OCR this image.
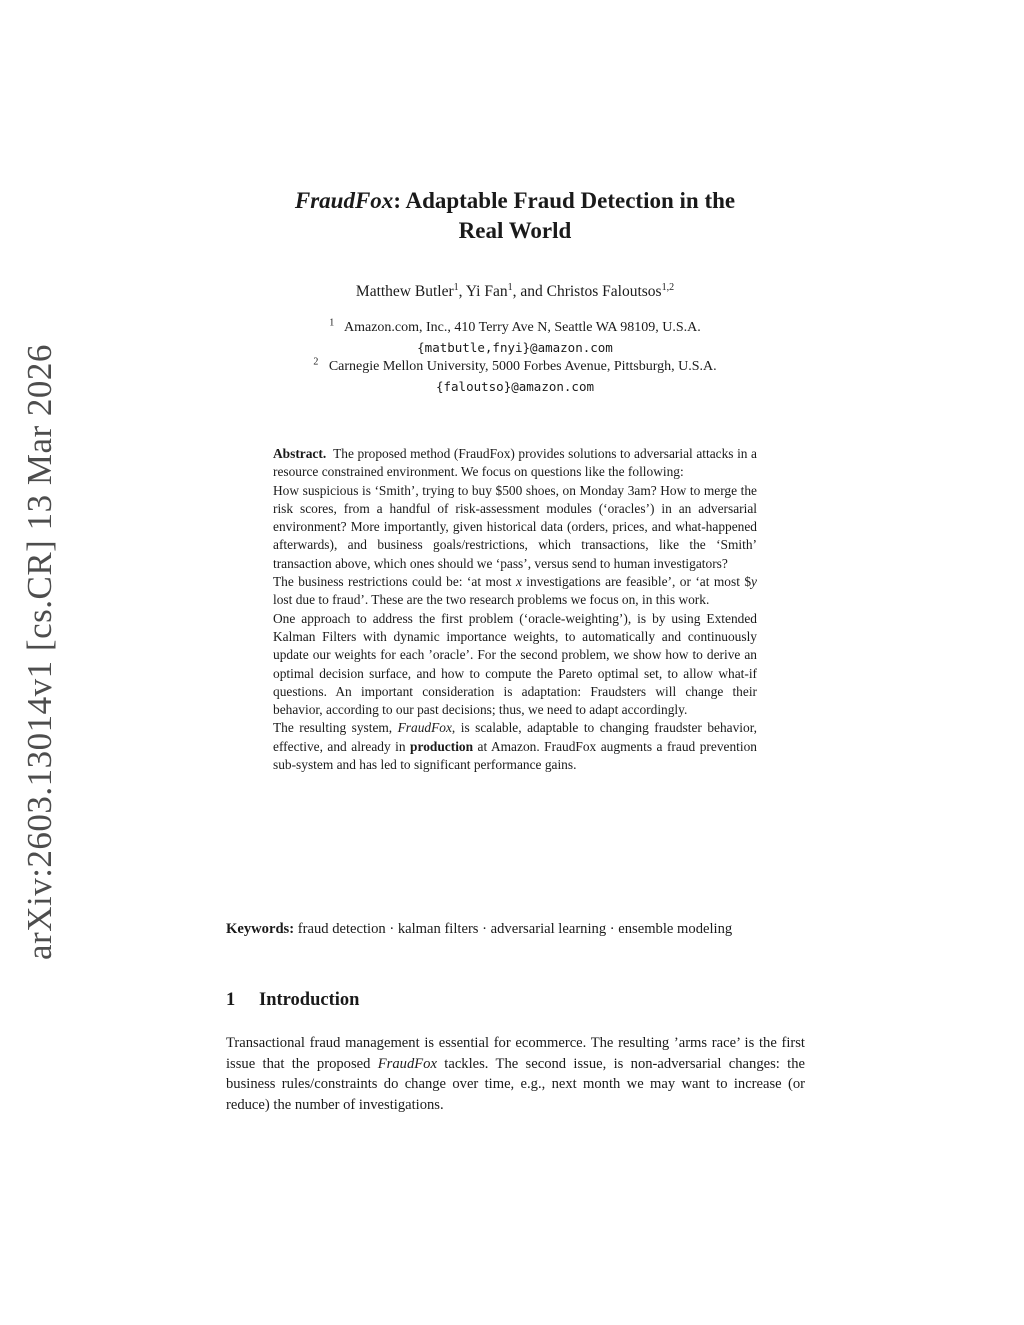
arXiv:2603.13014v1 [cs.CR] 13 Mar 2026
FraudFox: Adaptable Fraud Detection in the
Real World
Matthew Butler$^1$, Yi Fan$^1$, and Christos Faloutsos$^{1,2}$
$^1$ Amazon.com, Inc., 410 Terry Ave N, Seattle WA 98109, U.S.A.
{matbutle,fnyi}@amazon.com
$^2$ Carnegie Mellon University, 5000 Forbes Avenue, Pittsburgh, U.S.A.
{faloutso}@amazon.com

Abstract. The proposed method (FraudFox) provides solutions to adversarial attacks in a resource constrained environment. We focus on questions like the following:

How suspicious is ‘Smith’, trying to buy $500 shoes, on Monday 3am? How to merge the risk scores, from a handful of risk-assessment modules (‘oracles’) in an adversarial environment? More importantly, given historical data (orders, prices, and what-happened afterwards), and business goals/restrictions, which transactions, like the ‘Smith’ transaction above, which ones should we ‘pass’, versus send to human investigators?

The business restrictions could be: ‘at most x investigations are feasible’, or ‘at most $y lost due to fraud’. These are the two research problems we focus on, in this work.

One approach to address the first problem (‘oracle-weighting’), is by using Extended Kalman Filters with dynamic importance weights, to automatically and continuously update our weights for each ’oracle’. For the second problem, we show how to derive an optimal decision surface, and how to compute the Pareto optimal set, to allow what-if questions. An important consideration is adaptation: Fraudsters will change their behavior, according to our past decisions; thus, we need to adapt accordingly.

The resulting system, FraudFox, is scalable, adaptable to changing fraudster behavior, effective, and already in production at Amazon. FraudFox augments a fraud prevention sub-system and has led to significant performance gains.

Keywords: fraud detection · kalman filters · adversarial learning · ensemble modeling
1 Introduction

Transactional fraud management is essential for ecommerce. The resulting ’arms race’ is the first issue that the proposed FraudFox tackles. The second issue, is non-adversarial changes: the business rules/constraints do change over time, e.g., next month we may want to increase (or reduce) the number of investigations.
